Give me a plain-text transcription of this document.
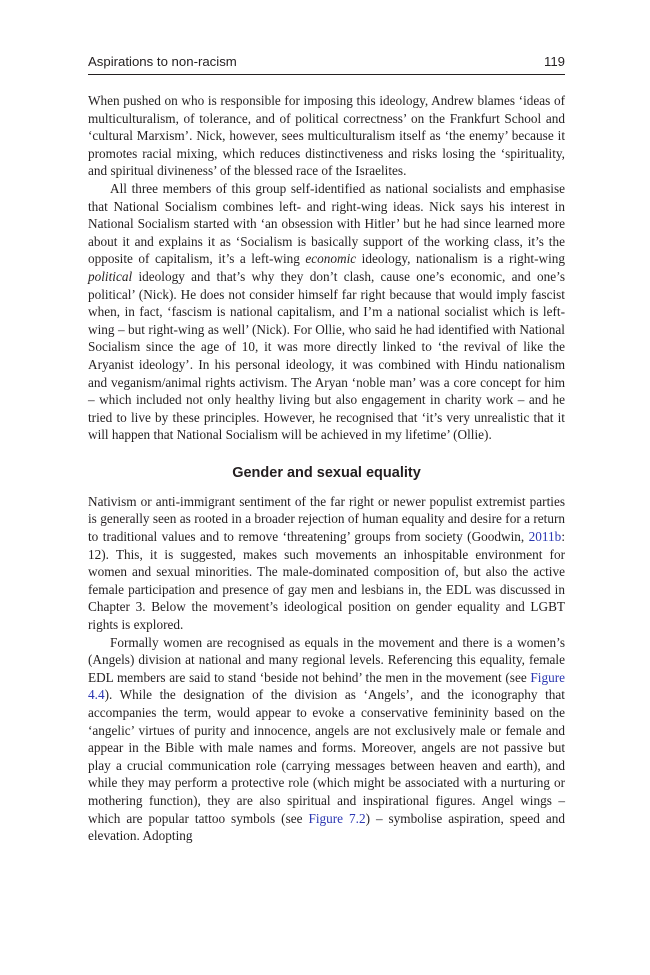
Aspirations to non-racism	119

When pushed on who is responsible for imposing this ideology, Andrew blames ‘ideas of multiculturalism, of tolerance, and of political correctness’ on the Frankfurt School and ‘cultural Marxism’. Nick, however, sees multiculturalism itself as ‘the enemy’ because it promotes racial mixing, which reduces distinctiveness and risks losing the ‘spirituality, and spiritual divineness’ of the blessed race of the Israelites.

All three members of this group self-identified as national socialists and emphasise that National Socialism combines left- and right-wing ideas. Nick says his interest in National Socialism started with ‘an obsession with Hitler’ but he had since learned more about it and explains it as ‘Socialism is basically support of the working class, it’s the opposite of capitalism, it’s a left-wing economic ideology, nationalism is a right-wing political ideology and that’s why they don’t clash, cause one’s economic, and one’s political’ (Nick). He does not consider himself far right because that would imply fascist when, in fact, ‘fascism is national capitalism, and I’m a national socialist which is left-wing – but right-wing as well’ (Nick). For Ollie, who said he had identified with National Socialism since the age of 10, it was more directly linked to ‘the revival of like the Aryanist ideology’. In his personal ideology, it was combined with Hindu nationalism and veganism/animal rights activism. The Aryan ‘noble man’ was a core concept for him – which included not only healthy living but also engagement in charity work – and he tried to live by these principles. However, he recognised that ‘it’s very unrealistic that it will happen that National Socialism will be achieved in my lifetime’ (Ollie).

Gender and sexual equality

Nativism or anti-immigrant sentiment of the far right or newer populist extremist parties is generally seen as rooted in a broader rejection of human equality and desire for a return to traditional values and to remove ‘threatening’ groups from society (Goodwin, 2011b: 12). This, it is suggested, makes such movements an inhospitable environment for women and sexual minorities. The male-dominated composition of, but also the active female participation and presence of gay men and lesbians in, the EDL was discussed in Chapter 3. Below the movement’s ideological position on gender equality and LGBT rights is explored.

Formally women are recognised as equals in the movement and there is a women’s (Angels) division at national and many regional levels. Referencing this equality, female EDL members are said to stand ‘beside not behind’ the men in the movement (see Figure 4.4). While the designation of the division as ‘Angels’, and the iconography that accompanies the term, would appear to evoke a conservative femininity based on the ‘angelic’ virtues of purity and innocence, angels are not exclusively male or female and appear in the Bible with male names and forms. Moreover, angels are not passive but play a crucial communication role (carrying messages between heaven and earth), and while they may perform a protective role (which might be associated with a nurturing or mothering function), they are also spiritual and inspirational figures. Angel wings – which are popular tattoo symbols (see Figure 7.2) – symbolise aspiration, speed and elevation. Adopting
